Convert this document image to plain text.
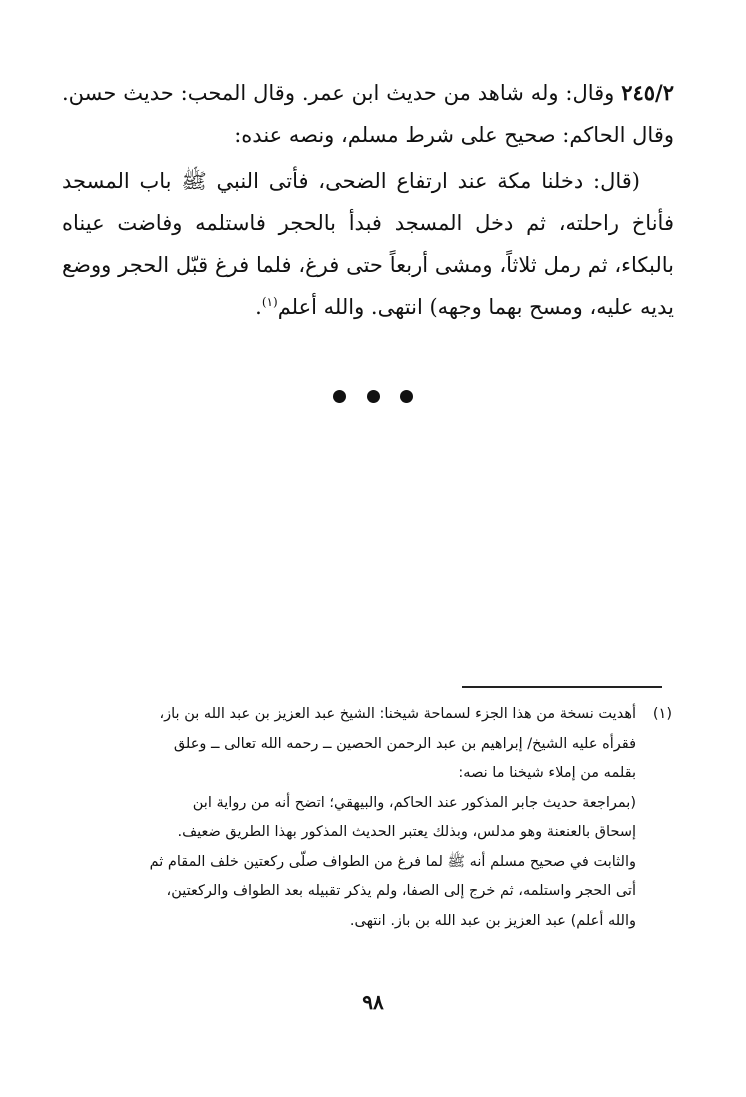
٢٤٥/٢ وقال: وله شاهد من حديث ابن عمر. وقال المحب: حديث حسن. وقال الحاكم: صحيح على شرط مسلم، ونصه عنده:

(قال: دخلنا مكة عند ارتفاع الضحى، فأتى النبي ﷺ باب المسجد فأناخ راحلته، ثم دخل المسجد فبدأ بالحجر فاستلمه وفاضت عيناه بالبكاء، ثم رمل ثلاثاً، ومشى أربعاً حتى فرغ، فلما فرغ قبّل الحجر ووضع يديه عليه، ومسح بهما وجهه) انتهى. والله أعلم$^{(١)}$.

(١)
أهديت نسخة من هذا الجزء لسماحة شيخنا: الشيخ عبد العزيز بن عبد الله بن باز،

فقرأه عليه الشيخ/ إبراهيم بن عبد الرحمن الحصين ــ رحمه الله تعالى ــ وعلق

بقلمه من إملاء شيخنا ما نصه:

(بمراجعة حديث جابر المذكور عند الحاكم، والبيهقي؛ اتضح أنه من رواية ابن

إسحاق بالعنعنة وهو مدلس، وبذلك يعتبر الحديث المذكور بهذا الطريق ضعيف.

والثابت في صحيح مسلم أنه ﷺ لما فرغ من الطواف صلّى ركعتين خلف المقام ثم

أتى الحجر واستلمه، ثم خرج إلى الصفا، ولم يذكر تقبيله بعد الطواف والركعتين،

والله أعلم) عبد العزيز بن عبد الله بن باز. انتهى.

٩٨
